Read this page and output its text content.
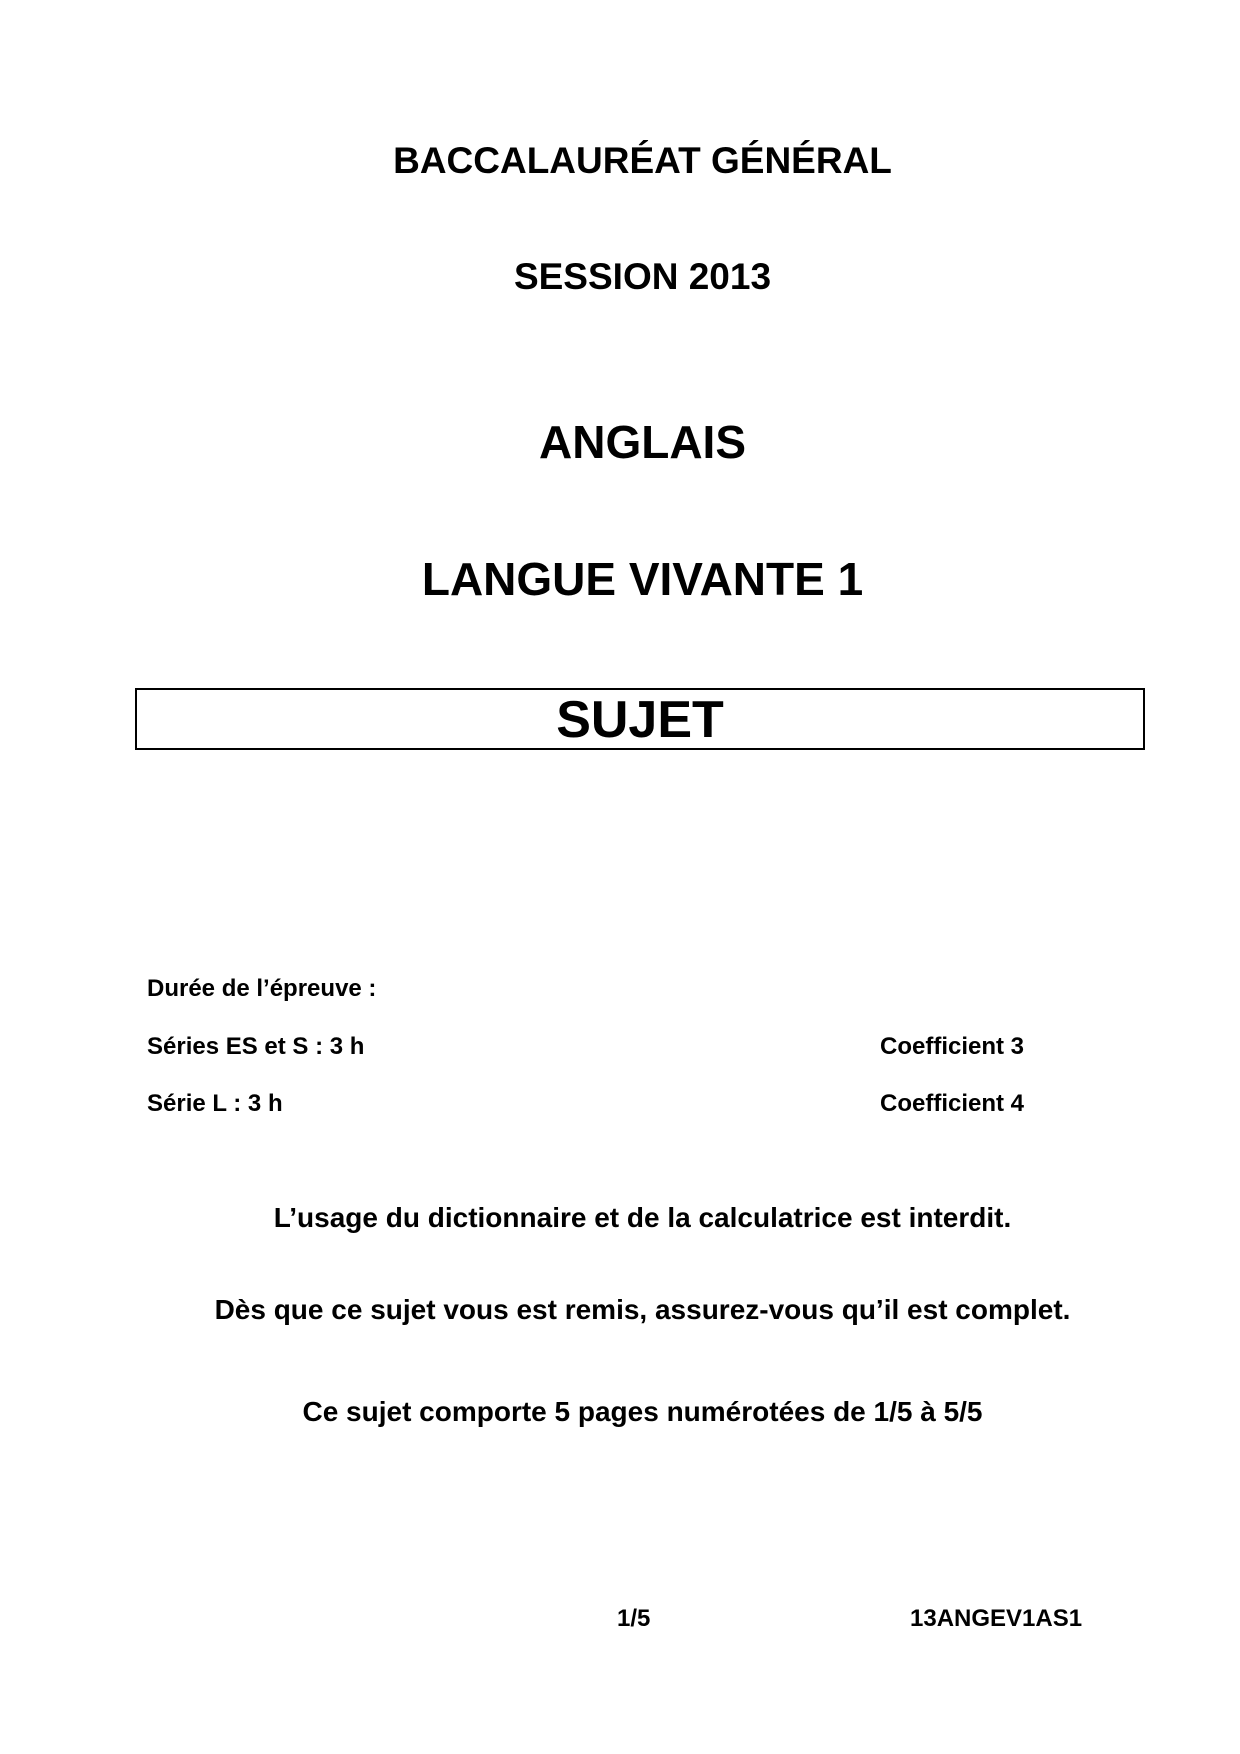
BACCALAURÉAT GÉNÉRAL
SESSION 2013
ANGLAIS
LANGUE VIVANTE 1
SUJET
Durée de l’épreuve :
Séries ES et S : 3 h	Coefficient 3
Série L : 3 h	Coefficient 4
L’usage du dictionnaire et de la calculatrice est interdit.
Dès que ce sujet vous est remis, assurez-vous qu’il est complet.
Ce sujet comporte 5 pages numérotées de 1/5 à 5/5
1/5	13ANGEV1AS1
